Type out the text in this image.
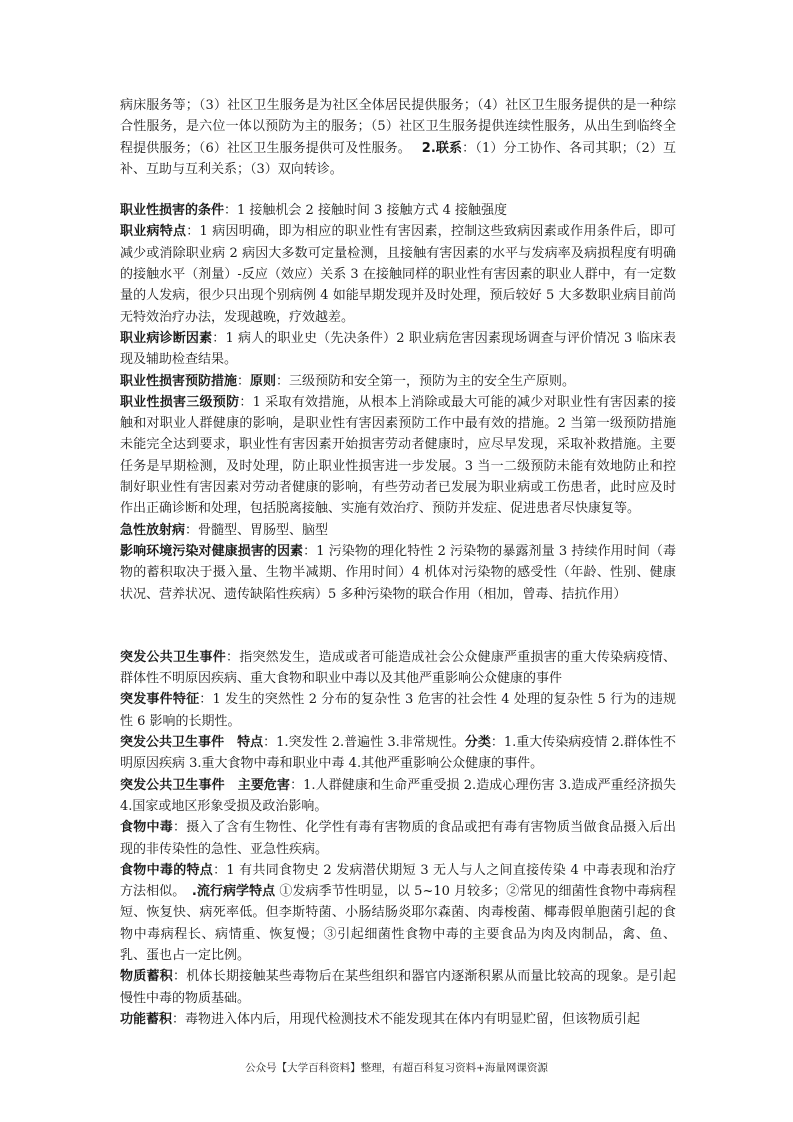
病床服务等；（3）社区卫生服务是为社区全体居民提供服务；（4）社区卫生服务提供的是一种综合性服务，是六位一体以预防为主的服务；（5）社区卫生服务提供连续性服务，从出生到临终全程提供服务；（6）社区卫生服务提供可及性服务。　 2.联系：（1）分工协作、各司其职；（2）互补、互助与互利关系；（3）双向转诊。

职业性损害的条件：1 接触机会 2 接触时间 3 接触方式 4 接触强度

职业病特点：1 病因明确，即为相应的职业性有害因素，控制这些致病因素或作用条件后，即可减少或消除职业病 2 病因大多数可定量检测，且接触有害因素的水平与发病率及病损程度有明确的接触水平（剂量）-反应（效应）关系 3 在接触同样的职业性有害因素的职业人群中，有一定数量的人发病，很少只出现个别病例 4 如能早期发现并及时处理，预后较好 5 大多数职业病目前尚无特效治疗办法，发现越晚，疗效越差。

职业病诊断因素：1 病人的职业史（先决条件）2 职业病危害因素现场调查与评价情况 3 临床表现及辅助检查结果。

职业性损害预防措施：原则：三级预防和安全第一，预防为主的安全生产原则。

职业性损害三级预防：1 采取有效措施，从根本上消除或最大可能的减少对职业性有害因素的接触和对职业人群健康的影响，是职业性有害因素预防工作中最有效的措施。2 当第一级预防措施未能完全达到要求，职业性有害因素开始损害劳动者健康时，应尽早发现，采取补救措施。主要任务是早期检测，及时处理，防止职业性损害进一步发展。3 当一二级预防未能有效地防止和控制好职业性有害因素对劳动者健康的影响，有些劳动者已发展为职业病或工伤患者，此时应及时作出正确诊断和处理，包括脱离接触、实施有效治疗、预防并发症、促进患者尽快康复等。

急性放射病：骨髓型、胃肠型、脑型

影响环境污染对健康损害的因素：1 污染物的理化特性 2 污染物的暴露剂量 3 持续作用时间（毒物的蓄积取决于摄入量、生物半减期、作用时间）4 机体对污染物的感受性（年龄、性别、健康状况、营养状况、遗传缺陷性疾病）5 多种污染物的联合作用（相加，曾毒、拮抗作用）

突发公共卫生事件：指突然发生，造成或者可能造成社会公众健康严重损害的重大传染病疫情、群体性不明原因疾病、重大食物和职业中毒以及其他严重影响公众健康的事件

突发事件特征：1 发生的突然性 2 分布的复杂性 3 危害的社会性 4 处理的复杂性 5 行为的违规性 6 影响的长期性。

突发公共卫生事件　特点：1.突发性 2.普遍性 3.非常规性。分类：1.重大传染病疫情 2.群体性不明原因疾病 3.重大食物中毒和职业中毒 4.其他严重影响公众健康的事件。

突发公共卫生事件　主要危害：1.人群健康和生命严重受损 2.造成心理伤害 3.造成严重经济损失 4.国家或地区形象受损及政治影响。

食物中毒：摄入了含有生物性、化学性有毒有害物质的食品或把有毒有害物质当做食品摄入后出现的非传染性的急性、亚急性疾病。

食物中毒的特点：1 有共同食物史 2 发病潜伏期短 3 无人与人之间直接传染 4 中毒表现和治疗方法相似。　.流行病学特点 ①发病季节性明显，以 5~10 月较多；②常见的细菌性食物中毒病程短、恢复快、病死率低。但李斯特菌、小肠结肠炎耶尔森菌、肉毒梭菌、椰毒假单胞菌引起的食物中毒病程长、病情重、恢复慢；③引起细菌性食物中毒的主要食品为肉及肉制品，禽、鱼、乳、蛋也占一定比例。

物质蓄积：机体长期接触某些毒物后在某些组织和器官内逐渐积累从而量比较高的现象。是引起慢性中毒的物质基础。

功能蓄积：毒物进入体内后，用现代检测技术不能发现其在体内有明显贮留，但该物质引起

公众号【大学百科资料】整理，有超百科复习资料+海量网课资源
